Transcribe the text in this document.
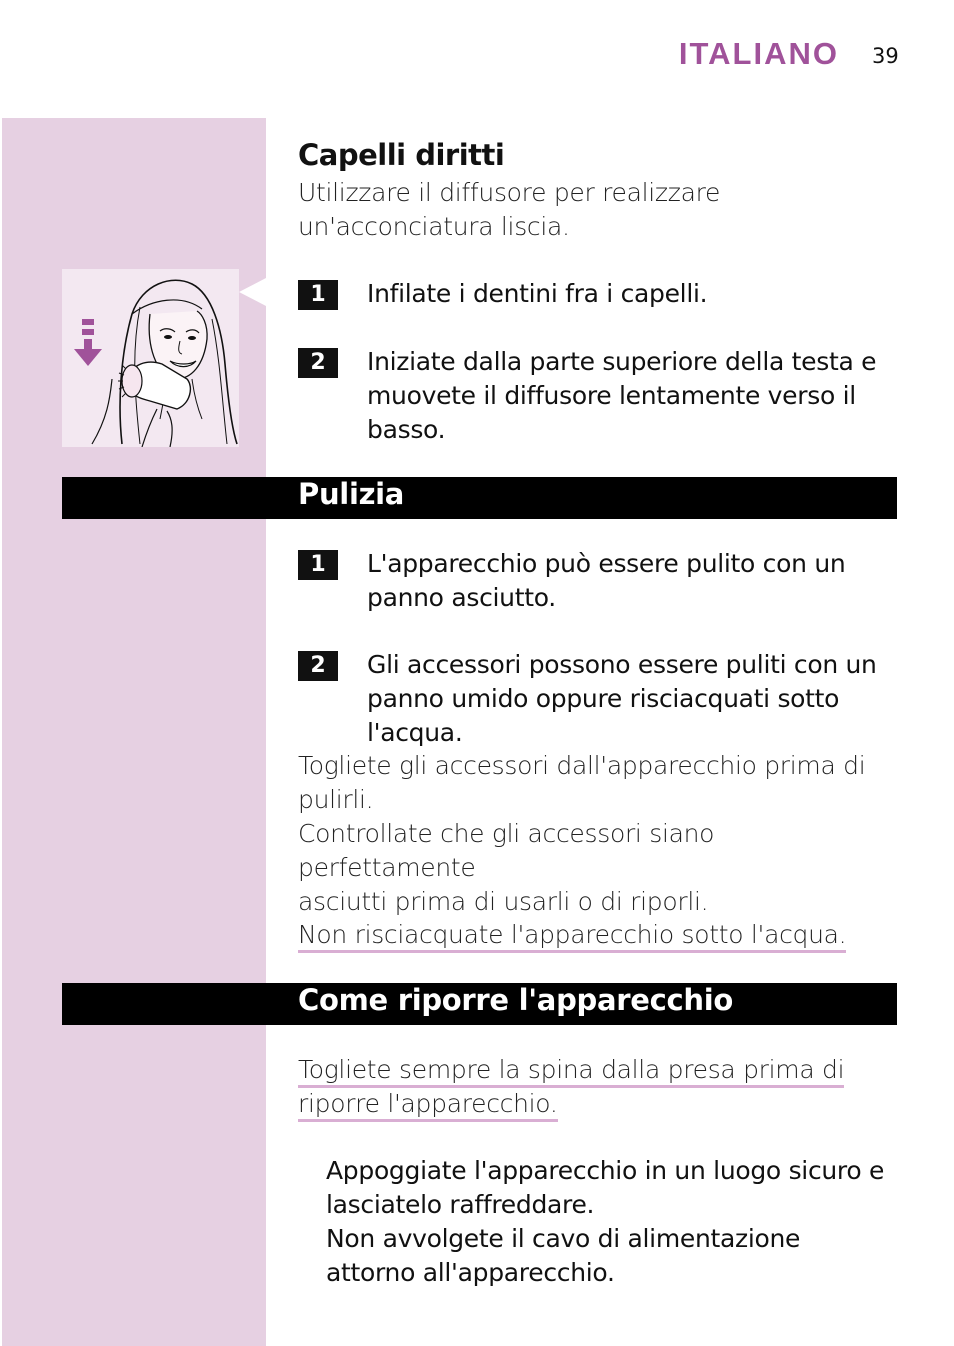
ITALIANO 39
Capelli diritti
Utilizzare il diffusore per realizzare
un'acconciatura liscia.
1	Infilate i dentini fra i capelli.
2	Iniziate dalla parte superiore della testa e
muovete il diffusore lentamente verso il
basso.
Pulizia
1	L'apparecchio può essere pulito con un
panno asciutto.
2	Gli accessori possono essere puliti con un
panno umido oppure risciacquati sotto
l'acqua.
Togliete gli accessori dall'apparecchio prima di
pulirli.
Controllate che gli accessori siano perfettamente
asciutti prima di usarli o di riporli.
Non risciacquate l'apparecchio sotto l'acqua.
Come riporre l'apparecchio
Togliete sempre la spina dalla presa prima di
riporre l'apparecchio.
Appoggiate l'apparecchio in un luogo sicuro e
lasciatelo raffreddare.
Non avvolgete il cavo di alimentazione
attorno all'apparecchio.
